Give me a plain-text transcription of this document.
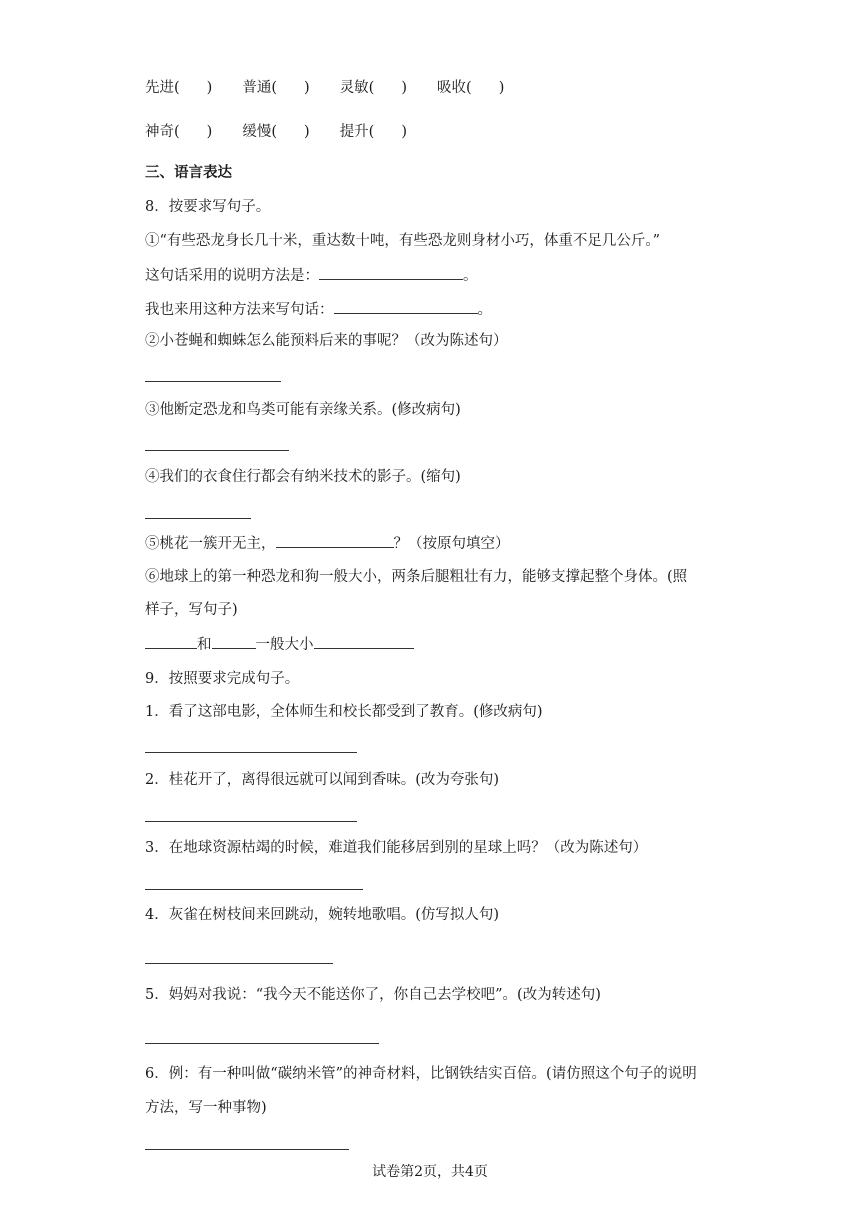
先进( ) 普通( ) 灵敏( ) 吸收( )
神奇( ) 缓慢( ) 提升( )
三、语言表达
8．按要求写句子。
①“有些恐龙身长几十米，重达数十吨，有些恐龙则身材小巧，体重不足几公斤。”
这句话采用的说明方法是：	。
我也来用这种方法来写句话：	。
②小苍蝇和蜘蛛怎么能预料后来的事呢？（改为陈述句）
③他断定恐龙和鸟类可能有亲缘关系。(修改病句)
④我们的衣食住行都会有纳米技术的影子。(缩句)
⑤桃花一簇开无主，	？（按原句填空）
⑥地球上的第一种恐龙和狗一般大小，两条后腿粗壮有力，能够支撑起整个身体。(照
样子，写句子)
和	一般大小
9．按照要求完成句子。
1．看了这部电影，全体师生和校长都受到了教育。(修改病句)
2．桂花开了，离得很远就可以闻到香味。(改为夸张句)
3．在地球资源枯竭的时候，难道我们能移居到别的星球上吗？（改为陈述句）
4．灰雀在树枝间来回跳动，婉转地歌唱。(仿写拟人句)
5．妈妈对我说：“我今天不能送你了，你自己去学校吧”。(改为转述句)
6．例：有一种叫做“碳纳米管”的神奇材料，比钢铁结实百倍。(请仿照这个句子的说明
方法，写一种事物)
试卷第2页，共4页
